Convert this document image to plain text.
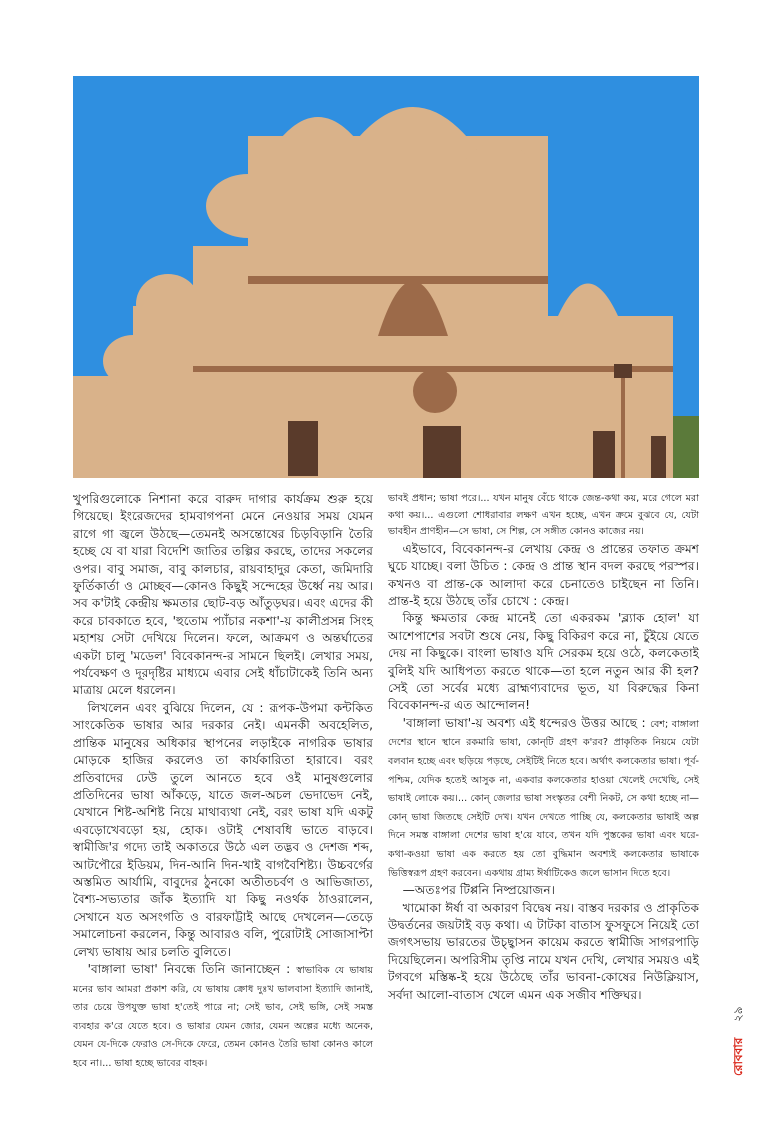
খুপরিগুলোকে নিশানা করে বারুদ দাগার কার্যক্রম শুরু হয়ে গিয়েছে। ইংরেজদের হামবাগপনা মেনে নেওয়ার সময় যেমন রাগে গা জ্বলে উঠছে—তেমনই অসন্তোষের চিড়বিড়ানি তৈরি হচ্ছে যে বা যারা বিদেশি জাতির তল্পির করছে, তাদের সকলের ওপর। বাবু সমাজ, বাবু কালচার, রায়বাহাদুর কেতা, জমিদারি ফুর্তিকার্তা ও মোচ্ছব—কোনও কিছুই সন্দেহের উর্ধ্বে নয় আর। সব ক'টাই কেন্দ্রীয় ক্ষমতার ছোট-বড় আঁতুড়ঘর। এবং এদের কী করে চাবকাতে হবে, 'হুতোম প্যাঁচার নকশা'-য় কালীপ্রসন্ন সিংহ মহাশয় সেটা দেখিয়ে দিলেন। ফলে, আক্রমণ ও অন্তর্ঘাতের একটা চালু 'মডেল' বিবেকানন্দ-র সামনে ছিলই। লেখার সময়, পর্যবেক্ষণ ও দূরদৃষ্টির মাধ্যমে এবার সেই ধাঁচাটাকেই তিনি অন্য মাত্রায় মেলে ধরলেন।

লিখলেন এবং বুঝিয়ে দিলেন, যে : রূপক-উপমা কন্টকিত সাংকেতিক ভাষার আর দরকার নেই। এমনকী অবহেলিত, প্রান্তিক মানুষের অধিকার স্থাপনের লড়াইকে নাগরিক ভাষার মোড়কে হাজির করলেও তা কার্যকারিতা হারাবে। বরং প্রতিবাদের ঢেউ তুলে আনতে হবে ওই মানুষগুলোর প্রতিদিনের ভাষা আঁকড়ে, যাতে জল-অচল ভেদাভেদ নেই, যেখানে শিষ্ট-অশিষ্ট নিয়ে মাথাব্যথা নেই, বরং ভাষা যদি একটু এবড়োখেবড়ো হয়, হোক। ওটাই শেষাবধি ভাতে বাড়বে। স্বামীজি'র গদ্যে তাই অকাতরে উঠে এল তদ্ভব ও দেশজ শব্দ, আটপৌরে ইডিয়ম, দিন-আনি দিন-খাই বাগবৈশিষ্ট্য। উচ্চবর্গের অস্তমিত আর্যামি, বাবুদের ঠুনকো অতীতচর্বণ ও আভিজাত্য, বৈশ্য-সভ্যতার জাঁক ইত্যাদি যা কিছু নওর্থক ঠাওরালেন, সেখানে যত অসংগতি ও বারফাট্টাই আছে দেখলেন—তেড়ে সমালোচনা করলেন, কিন্তু আবারও বলি, পুরোটাই সোজাসাপ্টা লেখ্য ভাষায় আর চলতি বুলিতে।

'বাঙ্গালা ভাষা' নিবন্ধে তিনি জানাচ্ছেন : স্বাভাবিক যে ভাষায় মনের ভাব আমরা প্রকাশ করি, যে ভাষায় ক্রোধ দুঃখ ভালবাসা ইত্যাদি জানাই, তার চেয়ে উপযুক্ত ভাষা হ'তেই পারে না; সেই ভাব, সেই ভঙ্গি, সেই সমস্ত ব্যবহার ক'রে যেতে হবে। ও ভাষার যেমন জোর, যেমন অল্পের মধ্যে অনেক, যেমন যে-দিকে ফেরাও সে-দিকে ফেরে, তেমন কোনও তৈরি ভাষা কোনও কালে হবে না।... ভাষা হচ্ছে ভাবের বাহক।

ভাবই প্রধান; ভাষা পরে।... যখন মানুষ বেঁচে থাকে জেন্ত-কথা কয়, মরে গেলে মরা কথা কয়।... এগুলো শোধরাবার লক্ষণ এখন হচ্ছে, এখন ক্রমে বুঝবে যে, যেটা ভাবহীন প্রাণহীন—সে ভাষা, সে শিল্প, সে সঙ্গীত কোনও কাজের নয়।

এইভাবে, বিবেকানন্দ-র লেখায় কেন্দ্র ও প্রান্তের তফাত ক্রমশ ঘুচে যাচ্ছে। বলা উচিত : কেন্দ্র ও প্রান্ত স্থান বদল করছে পরস্পর। কখনও বা প্রান্ত-কে আলাদা করে চেনাতেও চাইছেন না তিনি। প্রান্ত-ই হয়ে উঠছে তাঁর চোখে : কেন্দ্র।

কিন্তু ক্ষমতার কেন্দ্র মানেই তো একরকম 'ব্ল্যাক হোল' যা আশেপাশের সবটা শুষে নেয়, কিছু বিকিরণ করে না, চুঁইয়ে যেতে দেয় না কিছুকে। বাংলা ভাষাও যদি সেরকম হয়ে ওঠে, কলকেতাই বুলিই যদি আধিপত্য করতে থাকে—তা হলে নতুন আর কী হল? সেই তো সর্বের মধ্যে ব্রাহ্মণ্যবাদের ভূত, যা বিরুদ্ধের কিনা বিবেকানন্দ-র এত আন্দোলন!

'বাঙ্গালা ভাষা'-য় অবশ্য এই ধন্দেরও উত্তর আছে : বেশ; বাঙ্গালা দেশের স্থানে স্থানে রকমারি ভাষা, কোন্‌টি গ্রহণ ক'রব? প্রাকৃতিক নিয়মে যেটা বলবান হচ্ছে এবং ছড়িয়ে পড়ছে, সেইটিই নিতে হবে। অর্থাৎ কলকেতার ভাষা। পূর্ব-পশ্চিম, যেদিক হতেই আসুক না, একবার কলকেতার হাওয়া খেলেই দেখেছি, সেই ভাষাই লোকে কয়।... কোন্‌ জেলার ভাষা সংস্কৃতর বেশী নিকট, সে কথা হচ্ছে না—কোন্‌ ভাষা জিতছে সেইটি দেখ। যখন দেখতে পাচ্ছি যে, কলকেতার ভাষাই অল্প দিনে সমস্ত বাঙ্গালা দেশের ভাষা হ'য়ে যাবে, তখন যদি পুস্তকের ভাষা এবং ঘরে-কথা-কওয়া ভাষা এক করতে হয় তো বুদ্ধিমান অবশ্যই কলকেতার ভাষাকে ভিত্তিস্বরূপ গ্রহণ করবেন। একথায় গ্রাম্য ঈর্ষাটিকেও জলে ভাসান দিতে হবে।

—অতঃপর টিপ্পনি নিষ্প্রয়োজন।

খামোকা ঈর্ষা বা অকারণ বিদ্বেষ নয়। বাস্তব দরকার ও প্রাকৃতিক উদ্বর্তনের জয়টাই বড় কথা। এ টাটকা বাতাস ফুসফুসে নিয়েই তো জগৎসভায় ভারতের উচ্ছ্বাসন কায়েম করতে স্বামীজি সাগরপাড়ি দিয়েছিলেন। অপরিসীম তৃপ্তি নামে যখন দেখি, লেখার সময়ও এই টগবগে মস্তিষ্ক-ই হয়ে উঠেছে তাঁর ভাবনা-কোষের নিউক্লিয়াস, সর্বদা আলো-বাতাস খেলে এমন এক সজীব শক্তিঘর।

২৯
রোববার
